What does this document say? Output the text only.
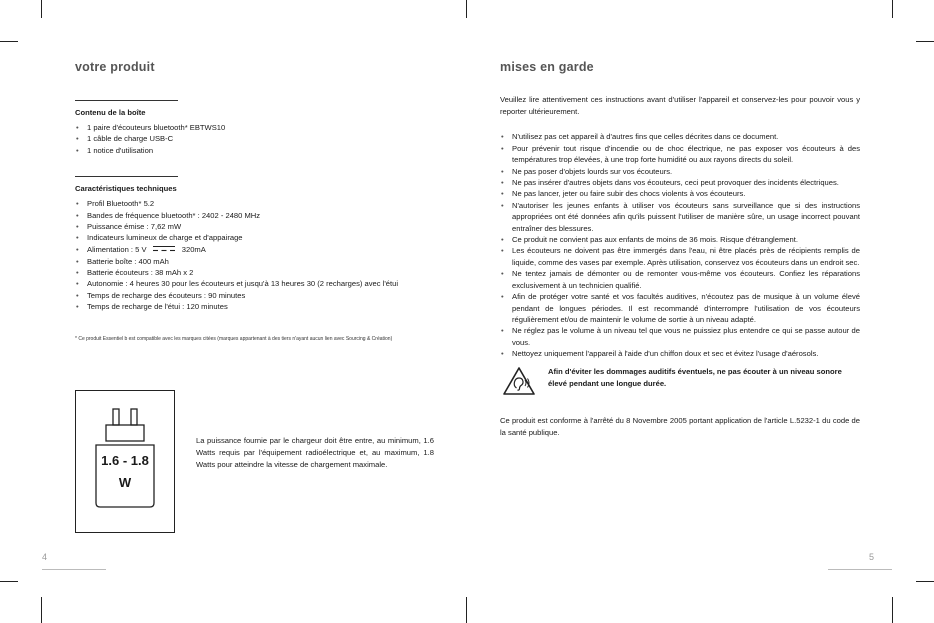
votre produit
Contenu de la boîte
• 1 paire d'écouteurs bluetooth* EBTWS10
• 1 câble de charge USB-C
• 1 notice d'utilisation
Caractéristiques techniques
• Profil Bluetooth* 5.2
• Bandes de fréquence bluetooth* : 2402 - 2480 MHz
• Puissance émise : 7,62 mW
• Indicateurs lumineux de charge et d'appairage
• Alimentation : 5 V	320mA
• Batterie boîte : 400 mAh
• Batterie écouteurs : 38 mAh x 2
• Autonomie : 4 heures 30 pour les écouteurs et jusqu'à 13 heures 30 (2 recharges) avec l'étui
• Temps de recharge des écouteurs : 90 minutes
• Temps de recharge de l'étui : 120 minutes

* Ce produit Essentiel b est compatible avec les marques citées (marques appartenant à des tiers n'ayant aucun lien avec Sourcing & Création)

1.6 - 1.8
W
La puissance fournie par le chargeur doit être entre, au minimum, 1.6 Watts requis par l'équipement radioélectrique et, au maximum, 1.8 Watts pour atteindre la vitesse de chargement maximale.
4
mises en garde

Veuillez lire attentivement ces instructions avant d'utiliser l'appareil et conservez-les pour pouvoir vous y reporter ultérieurement.

• N'utilisez pas cet appareil à d'autres fins que celles décrites dans ce document.
• Pour prévenir tout risque d'incendie ou de choc électrique, ne pas exposer vos écouteurs à des températures trop élevées, à une trop forte humidité ou aux rayons directs du soleil.
• Ne pas poser d'objets lourds sur vos écouteurs.
• Ne pas insérer d'autres objets dans vos écouteurs, ceci peut provoquer des incidents électriques.
• Ne pas lancer, jeter ou faire subir des chocs violents à vos écouteurs.
• N'autoriser les jeunes enfants à utiliser vos écouteurs sans surveillance que si des instructions appropriées ont été données afin qu'ils puissent l'utiliser de manière sûre, un usage incorrect pouvant entraîner des blessures.
• Ce produit ne convient pas aux enfants de moins de 36 mois. Risque d'étranglement.
• Les écouteurs ne doivent pas être immergés dans l'eau, ni être placés près de récipients remplis de liquide, comme des vases par exemple. Après utilisation, conservez vos écouteurs dans un endroit sec.
• Ne tentez jamais de démonter ou de remonter vous-même vos écouteurs. Confiez les réparations exclusivement à un technicien qualifié.
• Afin de protéger votre santé et vos facultés auditives, n'écoutez pas de musique à un volume élevé pendant de longues périodes. Il est recommandé d'interrompre l'utilisation de vos écouteurs régulièrement et/ou de maintenir le volume de sortie à un niveau adapté.
• Ne réglez pas le volume à un niveau tel que vous ne puissiez plus entendre ce qui se passe autour de vous.
• Nettoyez uniquement l'appareil à l'aide d'un chiffon doux et sec et évitez l'usage d'aérosols.
Afin d'éviter les dommages auditifs éventuels, ne pas écouter à un niveau sonore élevé pendant une longue durée.

Ce produit est conforme à l'arrêté du 8 Novembre 2005 portant application de l'article L.5232-1 du code de la santé publique.

5
